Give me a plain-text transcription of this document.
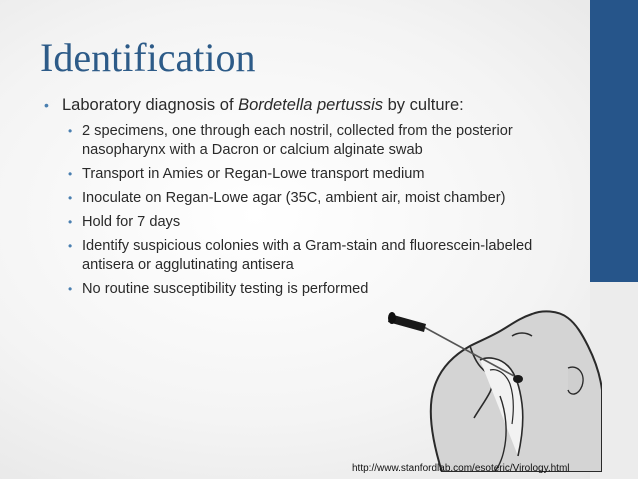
Identification
• Laboratory diagnosis of Bordetella pertussis by culture:
• 2 specimens, one through each nostril, collected from the posterior nasopharynx with a Dacron or calcium alginate swab
• Transport in Amies or Regan-Lowe transport medium
• Inoculate on Regan-Lowe agar (35C, ambient air, moist chamber)
• Hold for 7 days
• Identify suspicious colonies with a Gram-stain and fluorescein-labeled antisera or agglutinating antisera
• No routine susceptibility testing is performed
http://www.stanfordlab.com/esoteric/Virology.html
